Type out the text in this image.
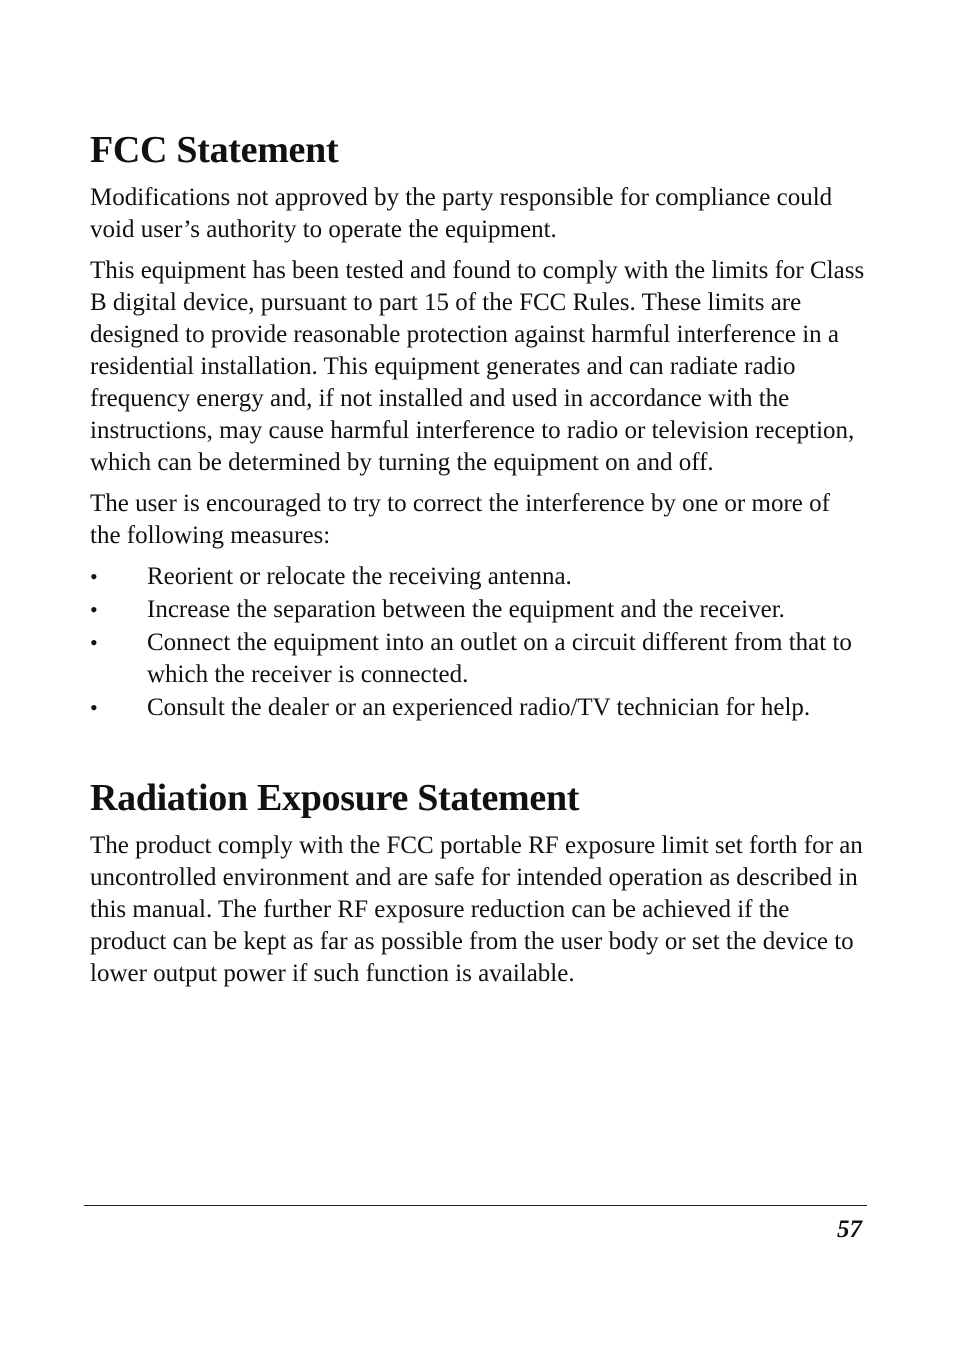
FCC Statement

Modifications not approved by the party responsible for compliance could void user’s authority to operate the equipment.

This equipment has been tested and found to comply with the limits for Class B digital device, pursuant to part 15 of the FCC Rules. These limits are designed to provide reasonable protection against harmful interference in a residential installation. This equipment generates and can radiate radio frequency energy and, if not installed and used in accordance with the instructions, may cause harmful interference to radio or television reception, which can be determined by turning the equipment on and off.

The user is encouraged to try to correct the interference by one or more of the following measures:

• Reorient or relocate the receiving antenna.
• Increase the separation between the equipment and the receiver.
• Connect the equipment into an outlet on a circuit different from that to which the receiver is connected.
• Consult the dealer or an experienced radio/TV technician for help.
Radiation Exposure Statement

The product comply with the FCC portable RF exposure limit set forth for an uncontrolled environment and are safe for intended operation as described in this manual. The further RF exposure reduction can be achieved if the product can be kept as far as possible from the user body or set the device to lower output power if such function is available.

57
